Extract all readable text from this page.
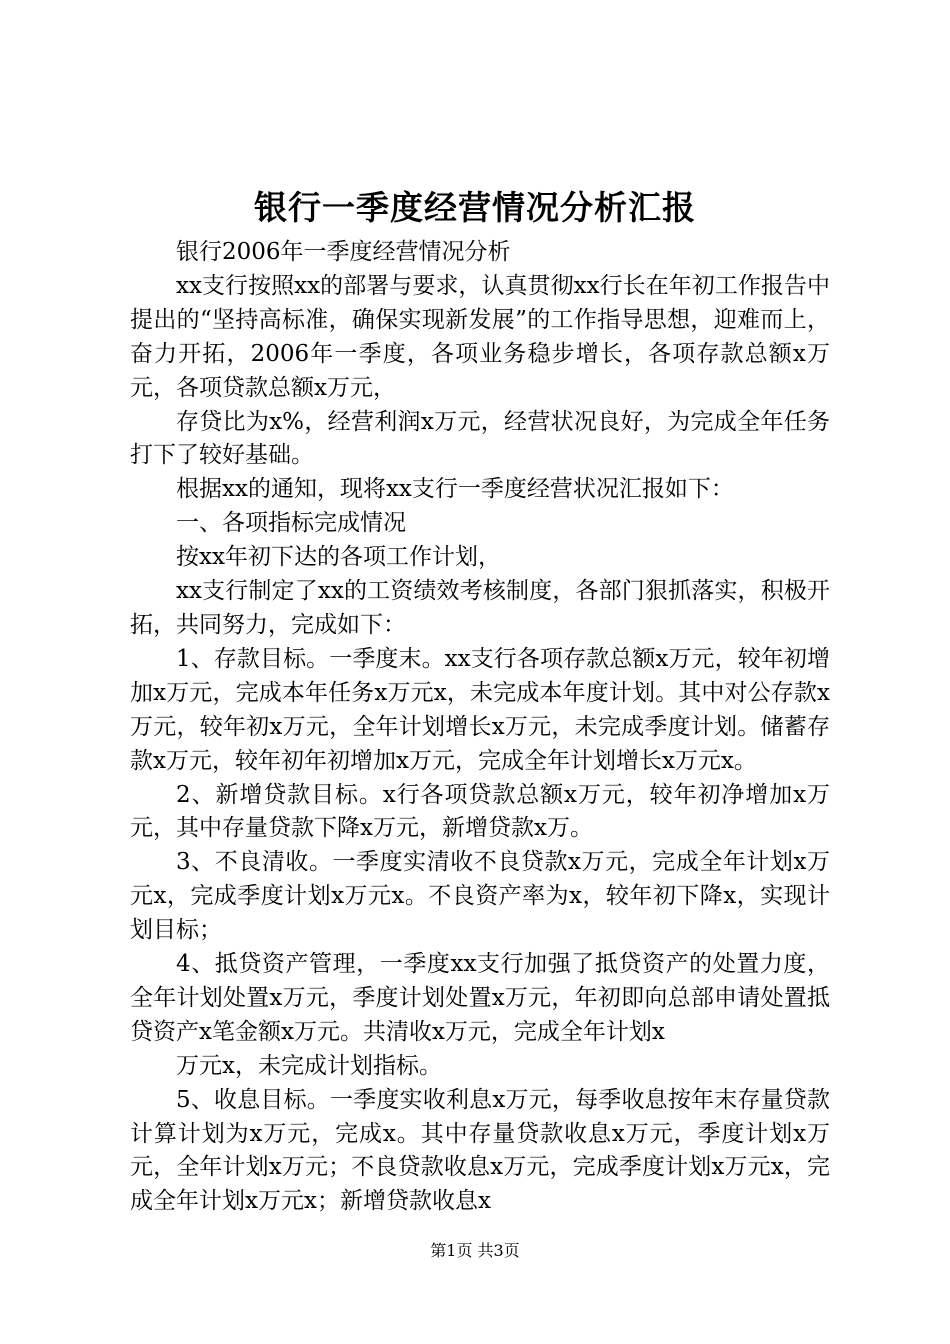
银行一季度经营情况分析汇报

银行2006年一季度经营情况分析

xx支行按照xx的部署与要求，认真贯彻xx行长在年初工作报告中提出的“坚持高标准，确保实现新发展”的工作指导思想，迎难而上，奋力开拓，2006年一季度，各项业务稳步增长，各项存款总额x万元，各项贷款总额x万元，

存贷比为x%，经营利润x万元，经营状况良好，为完成全年任务打下了较好基础。

根据xx的通知，现将xx支行一季度经营状况汇报如下：

一、各项指标完成情况

按xx年初下达的各项工作计划，

xx支行制定了xx的工资绩效考核制度，各部门狠抓落实，积极开拓，共同努力，完成如下：

1、存款目标。一季度末。xx支行各项存款总额x万元，较年初增加x万元，完成本年任务x万元x，未完成本年度计划。其中对公存款x万元，较年初x万元，全年计划增长x万元，未完成季度计划。储蓄存款x万元，较年初年初增加x万元，完成全年计划增长x万元x。

2、新增贷款目标。x行各项贷款总额x万元，较年初净增加x万元，其中存量贷款下降x万元，新增贷款x万。

3、不良清收。一季度实清收不良贷款x万元，完成全年计划x万元x，完成季度计划x万元x。不良资产率为x，较年初下降x，实现计划目标；

4、抵贷资产管理，一季度xx支行加强了抵贷资产的处置力度，全年计划处置x万元，季度计划处置x万元，年初即向总部申请处置抵贷资产x笔金额x万元。共清收x万元，完成全年计划x

万元x，未完成计划指标。

5、收息目标。一季度实收利息x万元，每季收息按年末存量贷款计算计划为x万元，完成x。其中存量贷款收息x万元，季度计划x万元，全年计划x万元；不良贷款收息x万元，完成季度计划x万元x，完成全年计划x万元x；新增贷款收息x

第1页 共3页
